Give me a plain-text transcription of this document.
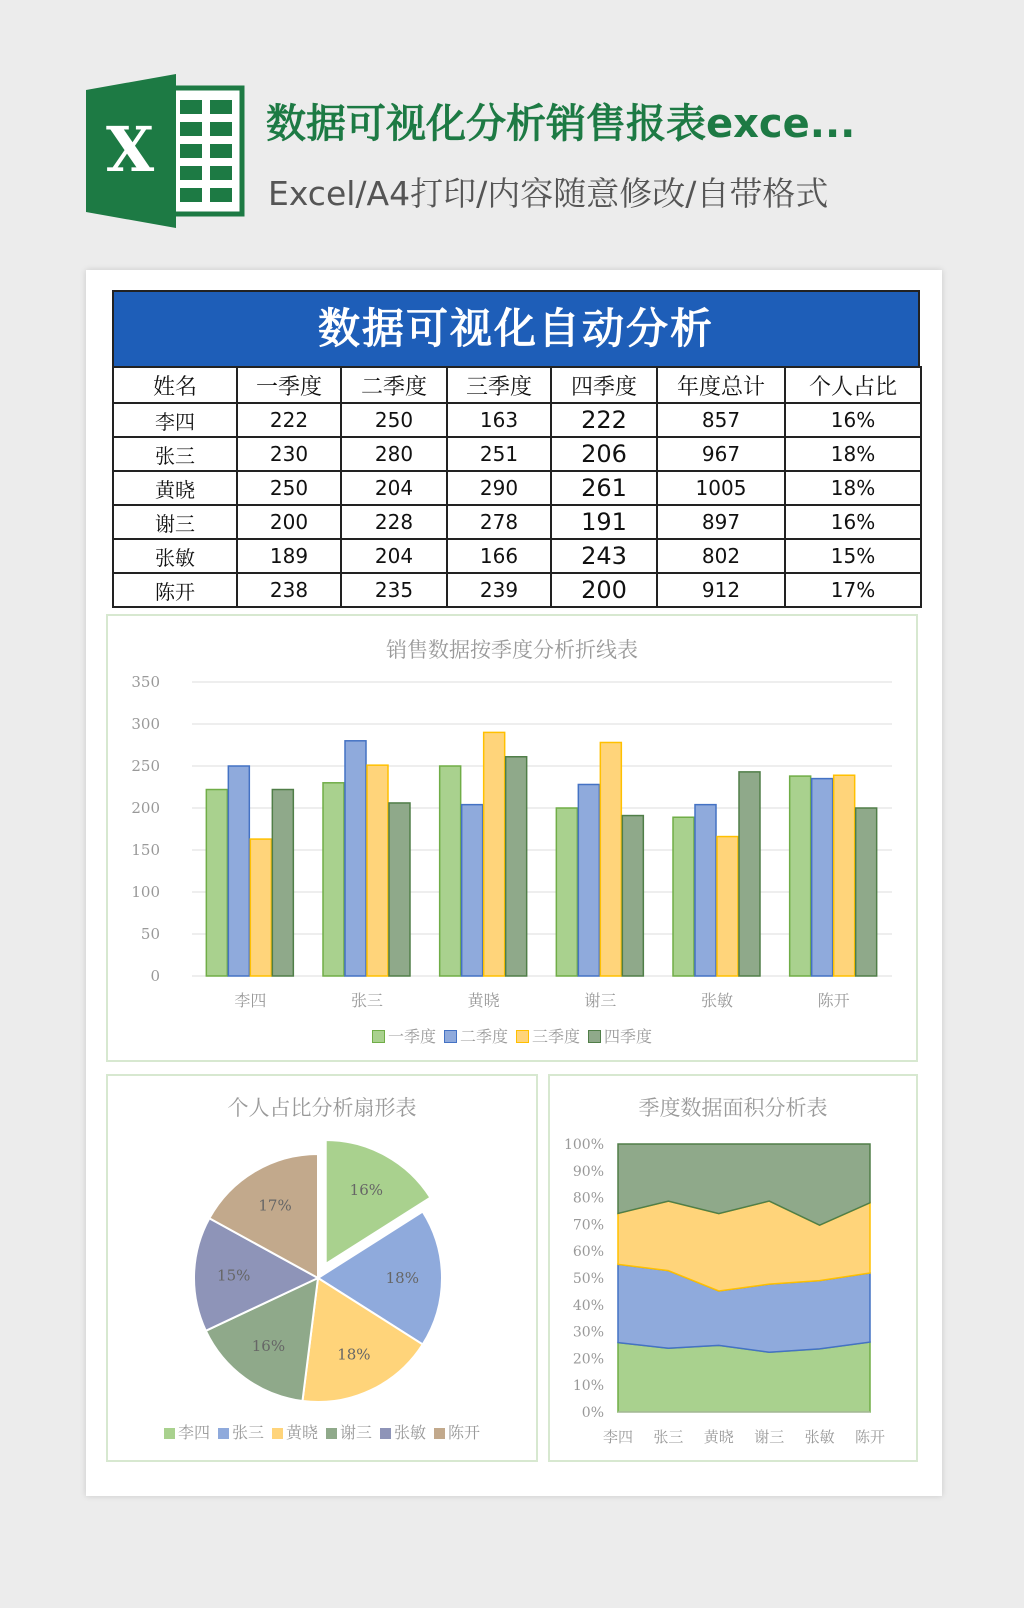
X	数据可视化分析销售报表exce...
Excel/A4打印/内容随意修改/自带格式
数据可视化自动分析
姓名	一季度	二季度	三季度	四季度	年度总计	个人占比
李四	222	250	163	222	857	16%
张三	230	280	251	206	967	18%
黄晓	250	204	290	261	1005	18%
谢三	200	228	278	191	897	16%
张敏	189	204	166	243	802	15%
陈开	238	235	239	200	912	17%
销售数据按季度分析折线表
0
50
100
150
200
250
300
350
李四	张三	黄晓	谢三	张敏	陈开
一季度 二季度 三季度 四季度
个人占比分析扇形表
16%
18%
18%
16%
15%
17%
李四 张三 黄晓 谢三 张敏 陈开
季度数据面积分析表
0%
10%
20%
30%
40%
50%
60%
70%
80%
90%
100%
李四 张三 黄晓 谢三 张敏 陈开
